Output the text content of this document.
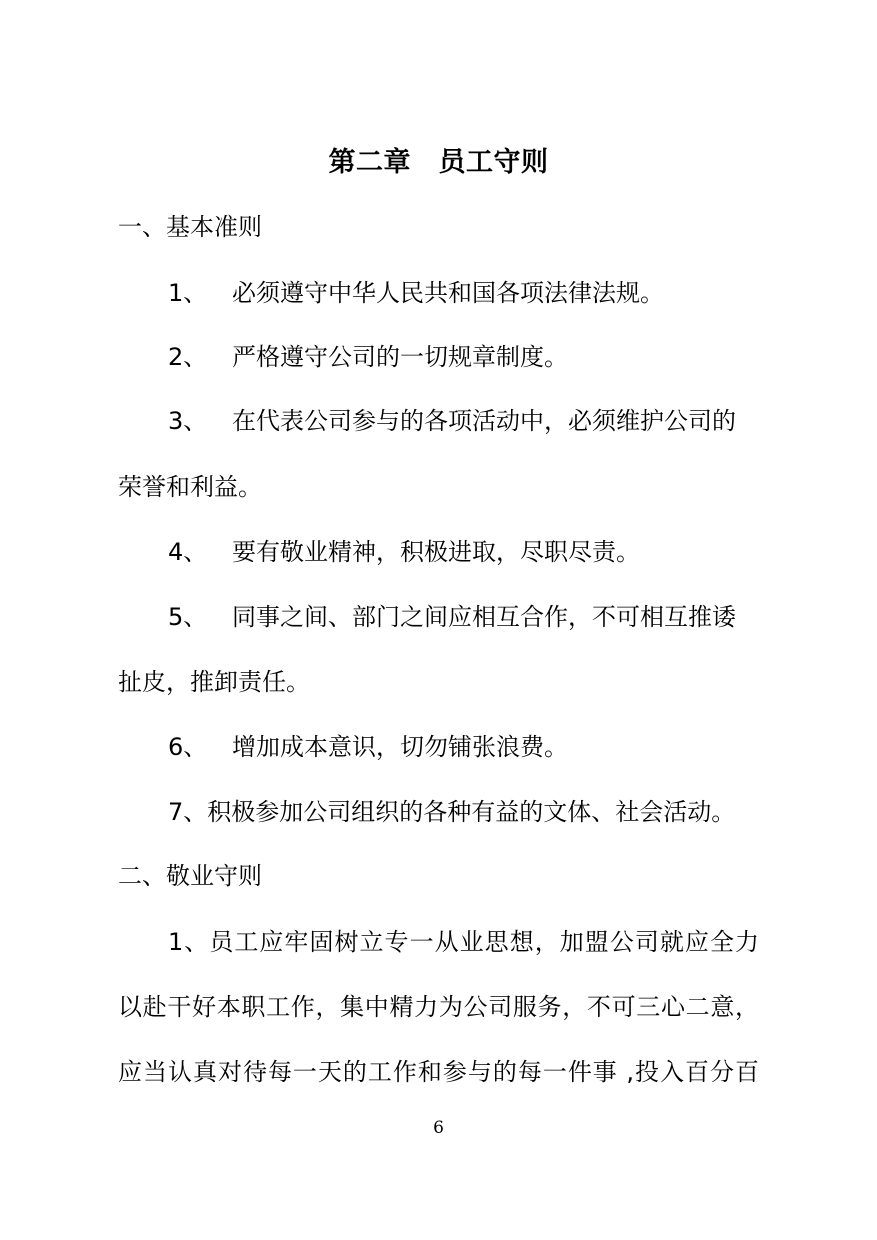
第二章　员工守则
一、基本准则
1、 必须遵守中华人民共和国各项法律法规。
2、 严格遵守公司的一切规章制度。
3、 在代表公司参与的各项活动中，必须维护公司的
荣誉和利益。
4、 要有敬业精神，积极进取，尽职尽责。
5、 同事之间、部门之间应相互合作，不可相互推诿
扯皮，推卸责任。
6、 增加成本意识，切勿铺张浪费。
7、积极参加公司组织的各种有益的文体、社会活动。
二、敬业守则
1、员工应牢固树立专一从业思想，加盟公司就应全力
以赴干好本职工作，集中精力为公司服务，不可三心二意，
应当认真对待每一天的工作和参与的每一件事 ,投入百分百
6
